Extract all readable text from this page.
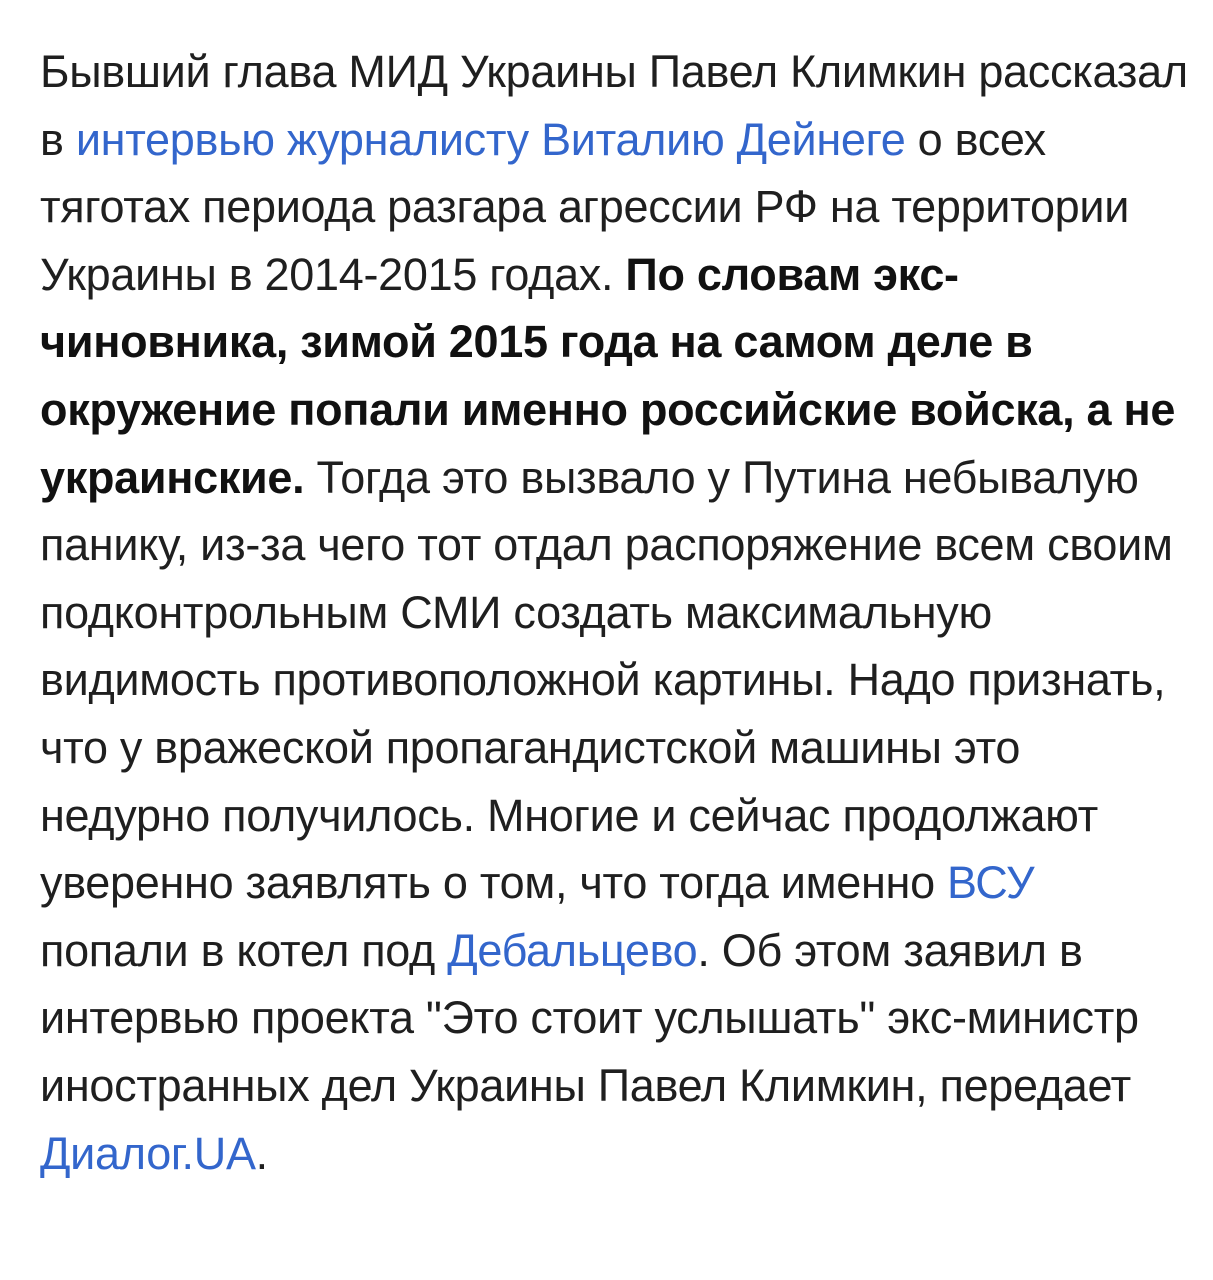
Бывший глава МИД Украины Павел Климкин рассказал в интервью журналисту Виталию Дейнеге о всех тяготах периода разгара агрессии РФ на территории Украины в 2014-2015 годах. По словам экс-чиновника, зимой 2015 года на самом деле в окружение попали именно российские войска, а не украинские. Тогда это вызвало у Путина небывалую панику, из-за чего тот отдал распоряжение всем своим подконтрольным СМИ создать максимальную видимость противоположной картины. Надо признать, что у вражеской пропагандистской машины это недурно получилось. Многие и сейчас продолжают уверенно заявлять о том, что тогда именно ВСУ попали в котел под Дебальцево. Об этом заявил в интервью проекта "Это стоит услышать" экс-министр иностранных дел Украины Павел Климкин, передает Диалог.UA.
